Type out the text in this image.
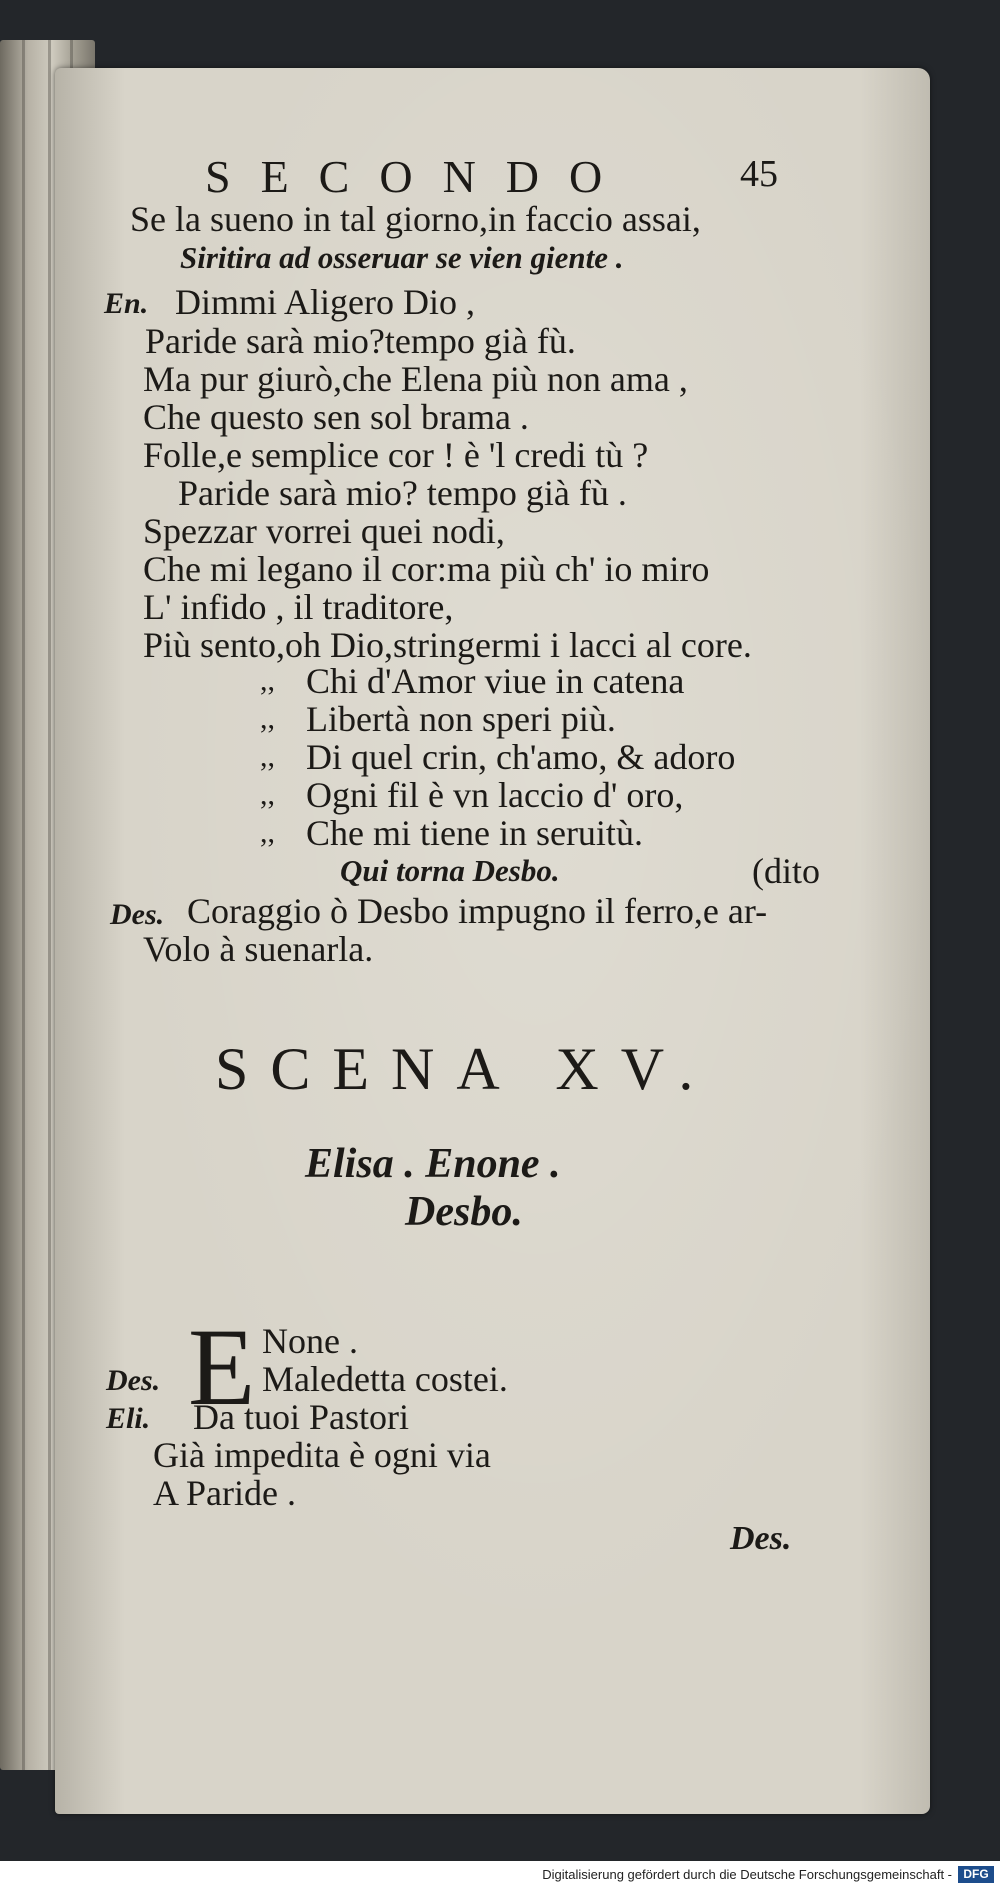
SECONDO	45
Se la sueno in tal giorno,in faccio assai,
Siritira ad osseruar se vien giente .
En. Dimmi Aligero Dio ,
Paride sarà mio?tempo già fù.
Ma pur giurò,che Elena più non ama ,
Che questo sen sol brama .
Folle,e semplice cor ! è 'l credi tù ?
Paride sarà mio? tempo già fù .
Spezzar vorrei quei nodi,
Che mi legano il cor:ma più ch' io miro
L' infido , il traditore,
Più sento,oh Dio,stringermi i lacci al core.
,, Chi d'Amor viue in catena
,, Libertà non speri più.
,, Di quel crin, ch'amo, & adoro
,, Ogni fil è vn laccio d' oro,
,, Che mi tiene in seruitù.
Qui torna Desbo.	(dito
Des. Coraggio ò Desbo impugno il ferro,e ar-
Volo à suenarla.
SCENA XV.
Elisa . Enone .
Desbo.
E None .
Des.	Maledetta costei.
Eli. Da tuoi Pastori
Già impedita è ogni via
A Paride .
Des.
Digitalisierung gefördert durch die Deutsche Forschungsgemeinschaft - DFG
